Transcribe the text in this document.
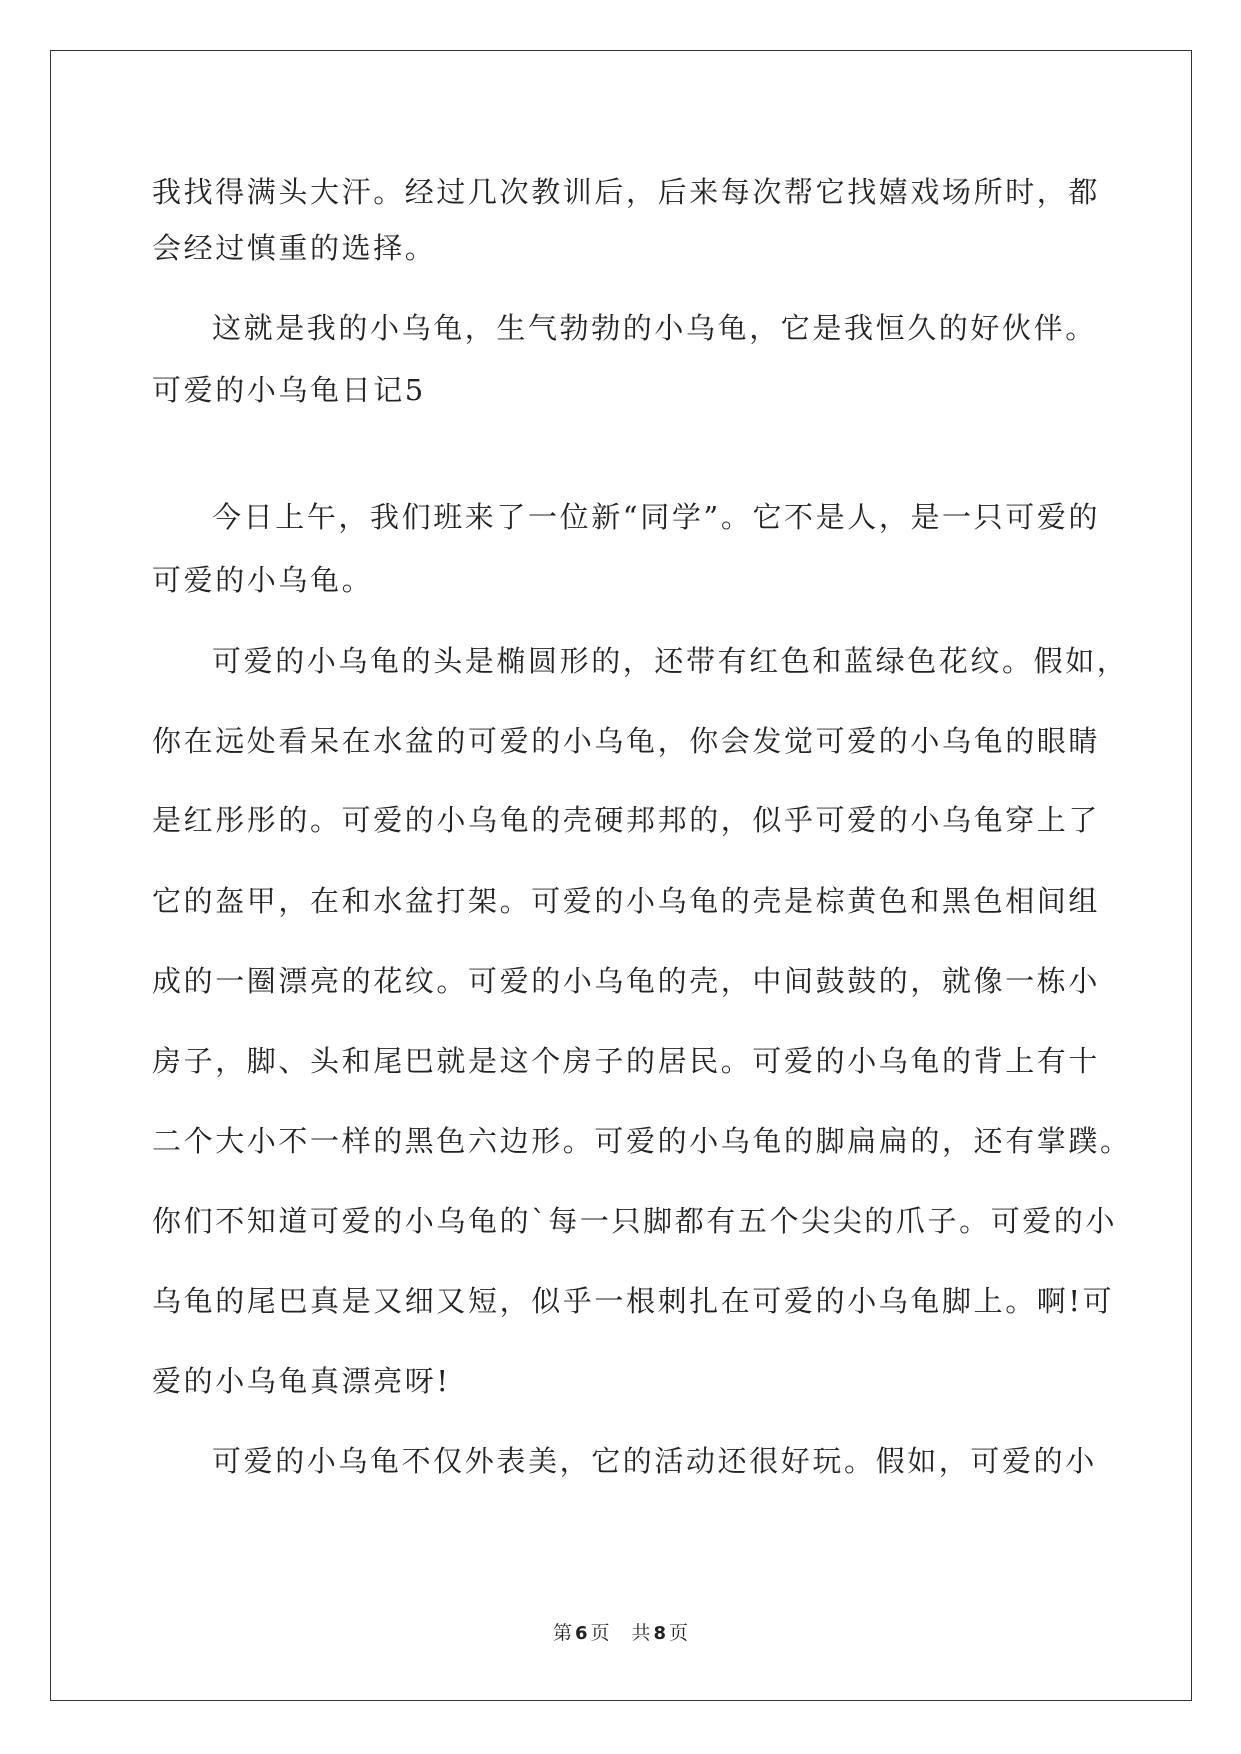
我找得满头大汗。经过几次教训后，后来每次帮它找嬉戏场所时，都
会经过慎重的选择。
这就是我的小乌龟，生气勃勃的小乌龟，它是我恒久的好伙伴。
可爱的小乌龟日记5
今日上午，我们班来了一位新“同学”。它不是人，是一只可爱的
可爱的小乌龟。
可爱的小乌龟的头是椭圆形的，还带有红色和蓝绿色花纹。假如，
你在远处看呆在水盆的可爱的小乌龟，你会发觉可爱的小乌龟的眼睛
是红彤彤的。可爱的小乌龟的壳硬邦邦的，似乎可爱的小乌龟穿上了
它的盔甲，在和水盆打架。可爱的小乌龟的壳是棕黄色和黑色相间组
成的一圈漂亮的花纹。可爱的小乌龟的壳，中间鼓鼓的，就像一栋小
房子，脚、头和尾巴就是这个房子的居民。可爱的小乌龟的背上有十
二个大小不一样的黑色六边形。可爱的小乌龟的脚扁扁的，还有掌蹼。
你们不知道可爱的小乌龟的`每一只脚都有五个尖尖的爪子。可爱的小
乌龟的尾巴真是又细又短，似乎一根刺扎在可爱的小乌龟脚上。啊!可
爱的小乌龟真漂亮呀!
可爱的小乌龟不仅外表美，它的活动还很好玩。假如，可爱的小
第 6 页 共 8 页
